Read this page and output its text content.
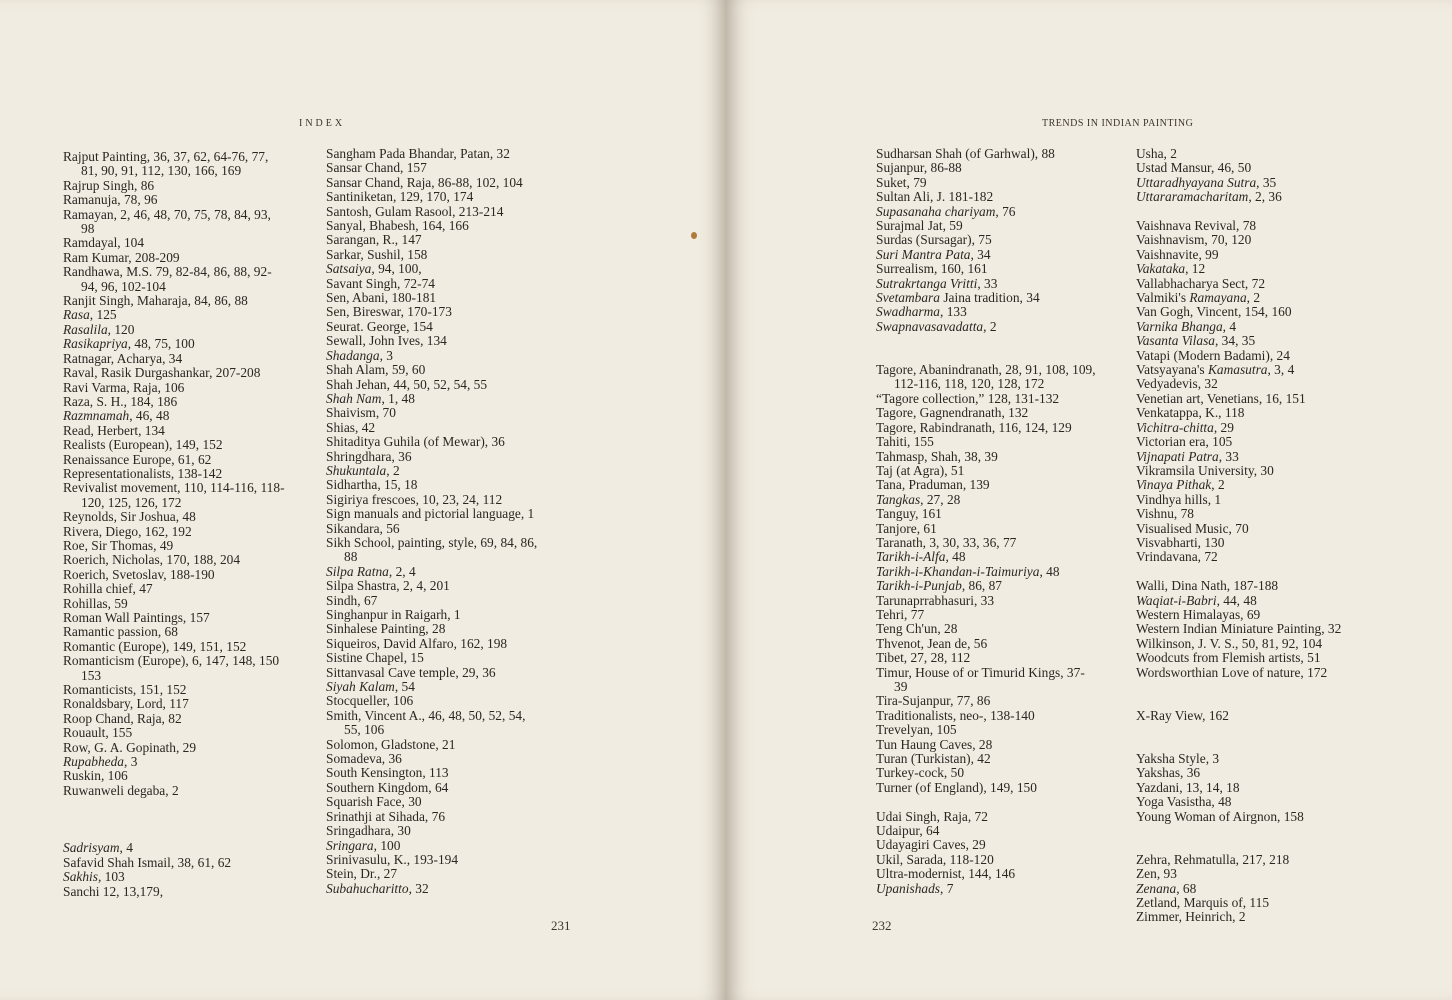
INDEX
Rajput Painting, 36, 37, 62, 64-76, 77,
81, 90, 91, 112, 130, 166, 169
Rajrup Singh, 86
Ramanuja, 78, 96
Ramayan, 2, 46, 48, 70, 75, 78, 84, 93,
98
Ramdayal, 104
Ram Kumar, 208-209
Randhawa, M.S. 79, 82-84, 86, 88, 92-
94, 96, 102-104
Ranjit Singh, Maharaja, 84, 86, 88
Rasa, 125
Rasalila, 120
Rasikapriya, 48, 75, 100
Ratnagar, Acharya, 34
Raval, Rasik Durgashankar, 207-208
Ravi Varma, Raja, 106
Raza, S. H., 184, 186
Razmnamah, 46, 48
Read, Herbert, 134
Realists (European), 149, 152
Renaissance Europe, 61, 62
Representationalists, 138-142
Revivalist movement, 110, 114-116, 118-
120, 125, 126, 172
Reynolds, Sir Joshua, 48
Rivera, Diego, 162, 192
Roe, Sir Thomas, 49
Roerich, Nicholas, 170, 188, 204
Roerich, Svetoslav, 188-190
Rohilla chief, 47
Rohillas, 59
Roman Wall Paintings, 157
Ramantic passion, 68
Romantic (Europe), 149, 151, 152
Romanticism (Europe), 6, 147, 148, 150
153
Romanticists, 151, 152
Ronaldsbary, Lord, 117
Roop Chand, Raja, 82
Rouault, 155
Row, G. A. Gopinath, 29
Rupabheda, 3
Ruskin, 106
Ruwanweli degaba, 2
Sadrisyam, 4
Safavid Shah Ismail, 38, 61, 62
Sakhis, 103
Sanchi 12, 13,179,
Sangham Pada Bhandar, Patan, 32
Sansar Chand, 157
Sansar Chand, Raja, 86-88, 102, 104
Santiniketan, 129, 170, 174
Santosh, Gulam Rasool, 213-214
Sanyal, Bhabesh, 164, 166
Sarangan, R., 147
Sarkar, Sushil, 158
Satsaiya, 94, 100,
Savant Singh, 72-74
Sen, Abani, 180-181
Sen, Bireswar, 170-173
Seurat. George, 154
Sewall, John Ives, 134
Shadanga, 3
Shah Alam, 59, 60
Shah Jehan, 44, 50, 52, 54, 55
Shah Nam, 1, 48
Shaivism, 70
Shias, 42
Shitaditya Guhila (of Mewar), 36
Shringdhara, 36
Shukuntala, 2
Sidhartha, 15, 18
Sigiriya frescoes, 10, 23, 24, 112
Sign manuals and pictorial language, 1
Sikandara, 56
Sikh School, painting, style, 69, 84, 86,
88
Silpa Ratna, 2, 4
Silpa Shastra, 2, 4, 201
Sindh, 67
Singhanpur in Raigarh, 1
Sinhalese Painting, 28
Siqueiros, David Alfaro, 162, 198
Sistine Chapel, 15
Sittanvasal Cave temple, 29, 36
Siyah Kalam, 54
Stocqueller, 106
Smith, Vincent A., 46, 48, 50, 52, 54,
55, 106
Solomon, Gladstone, 21
Somadeva, 36
South Kensington, 113
Southern Kingdom, 64
Squarish Face, 30
Srinathji at Sihada, 76
Sringadhara, 30
Sringara, 100
Srinivasulu, K., 193-194
Stein, Dr., 27
Subahucharitto, 32
231
TRENDS IN INDIAN PAINTING
Sudharsan Shah (of Garhwal), 88
Sujanpur, 86-88
Suket, 79
Sultan Ali, J. 181-182
Supasanaha chariyam, 76
Surajmal Jat, 59
Surdas (Sursagar), 75
Suri Mantra Pata, 34
Surrealism, 160, 161
Sutrakrtanga Vritti, 33
Svetambara Jaina tradition, 34
Swadharma, 133
Swapnavasavadatta, 2
Tagore, Abanindranath, 28, 91, 108, 109,
112-116, 118, 120, 128, 172
“Tagore collection,” 128, 131-132
Tagore, Gagnendranath, 132
Tagore, Rabindranath, 116, 124, 129
Tahiti, 155
Tahmasp, Shah, 38, 39
Taj (at Agra), 51
Tana, Praduman, 139
Tangkas, 27, 28
Tanguy, 161
Tanjore, 61
Taranath, 3, 30, 33, 36, 77
Tarikh-i-Alfa, 48
Tarikh-i-Khandan-i-Taimuriya, 48
Tarikh-i-Punjab, 86, 87
Tarunaprrabhasuri, 33
Tehri, 77
Teng Ch'un, 28
Thvenot, Jean de, 56
Tibet, 27, 28, 112
Timur, House of or Timurid Kings, 37-
39
Tira-Sujanpur, 77, 86
Traditionalists, neo-, 138-140
Trevelyan, 105
Tun Haung Caves, 28
Turan (Turkistan), 42
Turkey-cock, 50
Turner (of England), 149, 150
Udai Singh, Raja, 72
Udaipur, 64
Udayagiri Caves, 29
Ukil, Sarada, 118-120
Ultra-modernist, 144, 146
Upanishads, 7
Usha, 2
Ustad Mansur, 46, 50
Uttaradhyayana Sutra, 35
Uttararamacharitam, 2, 36
Vaishnava Revival, 78
Vaishnavism, 70, 120
Vaishnavite, 99
Vakataka, 12
Vallabhacharya Sect, 72
Valmiki's Ramayana, 2
Van Gogh, Vincent, 154, 160
Varnika Bhanga, 4
Vasanta Vilasa, 34, 35
Vatapi (Modern Badami), 24
Vatsyayana's Kamasutra, 3, 4
Vedyadevis, 32
Venetian art, Venetians, 16, 151
Venkatappa, K., 118
Vichitra-chitta, 29
Victorian era, 105
Vijnapati Patra, 33
Vikramsila University, 30
Vinaya Pithak, 2
Vindhya hills, 1
Vishnu, 78
Visualised Music, 70
Visvabharti, 130
Vrindavana, 72
Walli, Dina Nath, 187-188
Waqiat-i-Babri, 44, 48
Western Himalayas, 69
Western Indian Miniature Painting, 32
Wilkinson, J. V. S., 50, 81, 92, 104
Woodcuts from Flemish artists, 51
Wordsworthian Love of nature, 172
X-Ray View, 162
Yaksha Style, 3
Yakshas, 36
Yazdani, 13, 14, 18
Yoga Vasistha, 48
Young Woman of Airgnon, 158
Zehra, Rehmatulla, 217, 218
Zen, 93
Zenana, 68
Zetland, Marquis of, 115
Zimmer, Heinrich, 2
232
